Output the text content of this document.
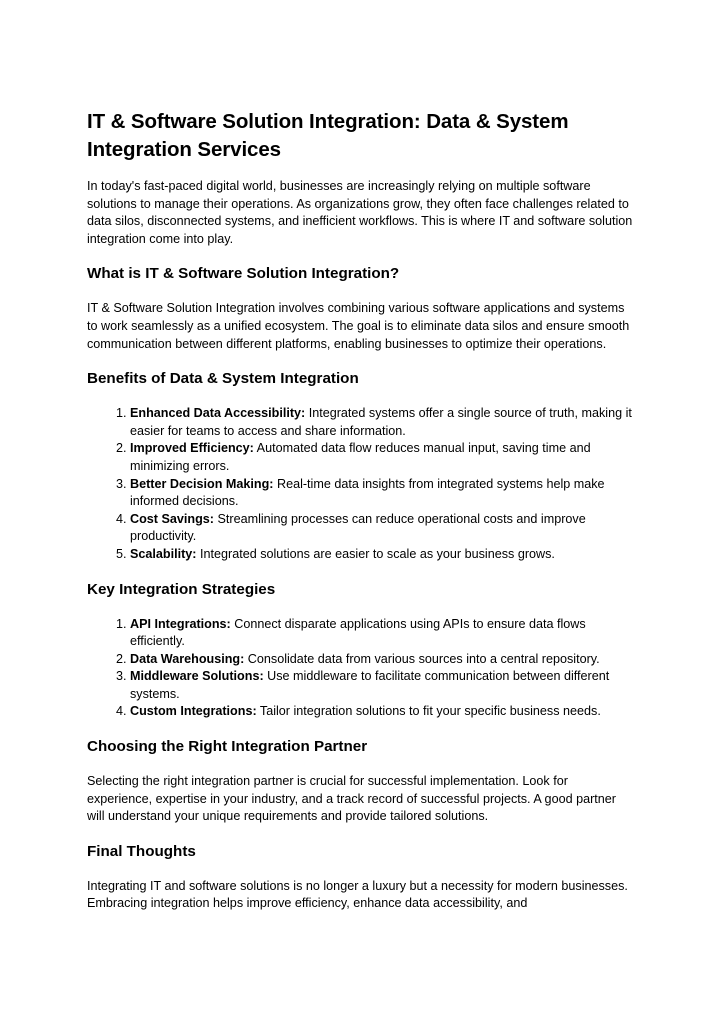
IT & Software Solution Integration: Data & System Integration Services

In today's fast-paced digital world, businesses are increasingly relying on multiple software solutions to manage their operations. As organizations grow, they often face challenges related to data silos, disconnected systems, and inefficient workflows. This is where IT and software solution integration come into play.

What is IT & Software Solution Integration?

IT & Software Solution Integration involves combining various software applications and systems to work seamlessly as a unified ecosystem. The goal is to eliminate data silos and ensure smooth communication between different platforms, enabling businesses to optimize their operations.

Benefits of Data & System Integration
1. Enhanced Data Accessibility: Integrated systems offer a single source of truth, making it easier for teams to access and share information.
2. Improved Efficiency: Automated data flow reduces manual input, saving time and minimizing errors.
3. Better Decision Making: Real-time data insights from integrated systems help make informed decisions.
4. Cost Savings: Streamlining processes can reduce operational costs and improve productivity.
5. Scalability: Integrated solutions are easier to scale as your business grows.
Key Integration Strategies
1. API Integrations: Connect disparate applications using APIs to ensure data flows efficiently.
2. Data Warehousing: Consolidate data from various sources into a central repository.
3. Middleware Solutions: Use middleware to facilitate communication between different systems.
4. Custom Integrations: Tailor integration solutions to fit your specific business needs.
Choosing the Right Integration Partner

Selecting the right integration partner is crucial for successful implementation. Look for experience, expertise in your industry, and a track record of successful projects. A good partner will understand your unique requirements and provide tailored solutions.

Final Thoughts

Integrating IT and software solutions is no longer a luxury but a necessity for modern businesses. Embracing integration helps improve efficiency, enhance data accessibility, and
